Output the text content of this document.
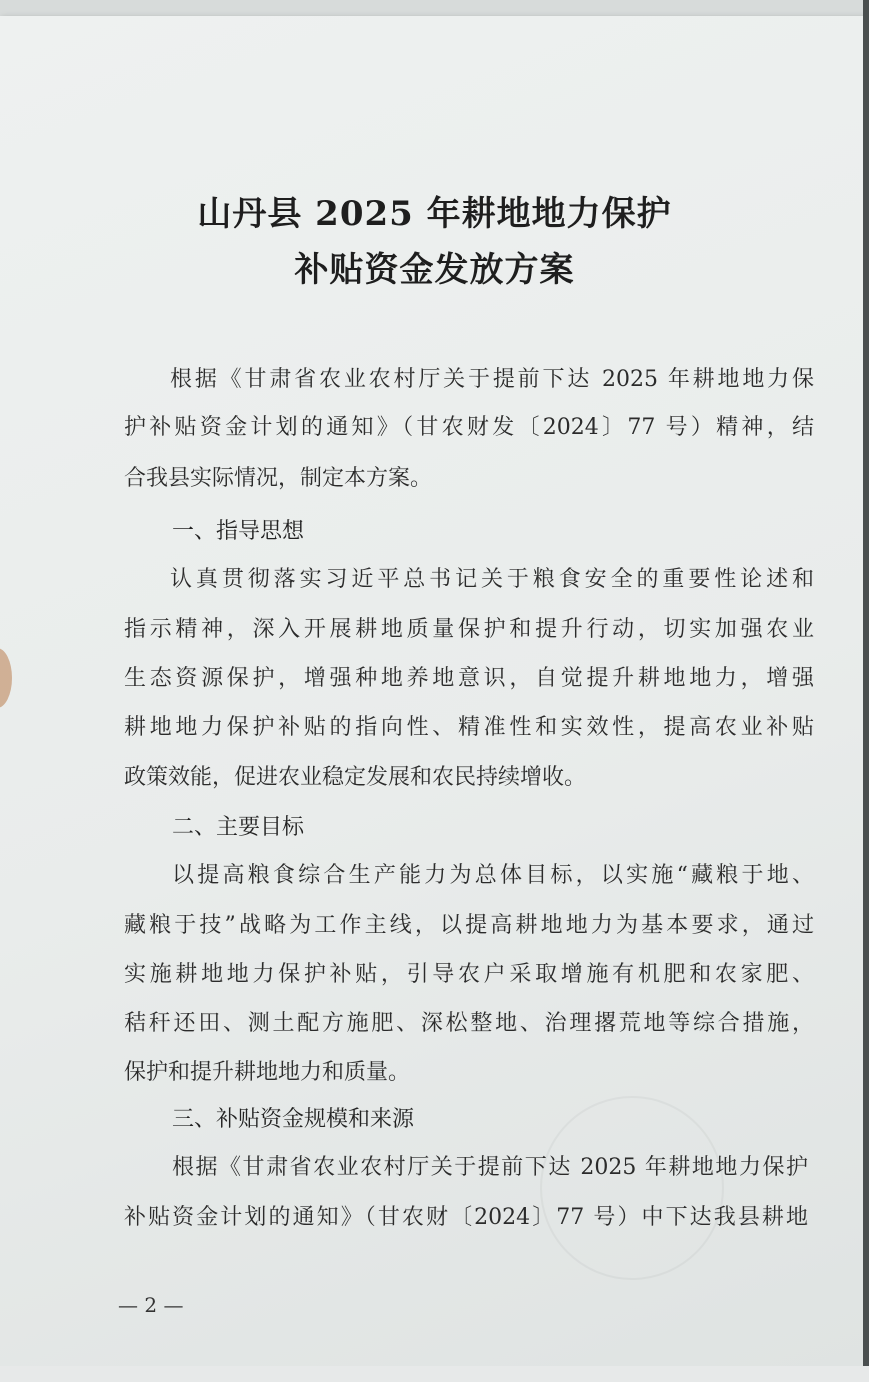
山丹县 2025 年耕地地力保护
补贴资金发放方案

根据《甘肃省农业农村厅关于提前下达 2025 年耕地地力保

护补贴资金计划的通知》（甘农财发〔2024〕77 号）精神，结

合我县实际情况，制定本方案。

一、指导思想

认真贯彻落实习近平总书记关于粮食安全的重要性论述和

指示精神，深入开展耕地质量保护和提升行动，切实加强农业

生态资源保护，增强种地养地意识，自觉提升耕地地力，增强

耕地地力保护补贴的指向性、精准性和实效性，提高农业补贴

政策效能，促进农业稳定发展和农民持续增收。

二、主要目标

以提高粮食综合生产能力为总体目标，以实施“藏粮于地、

藏粮于技”战略为工作主线，以提高耕地地力为基本要求，通过

实施耕地地力保护补贴，引导农户采取增施有机肥和农家肥、

秸秆还田、测土配方施肥、深松整地、治理撂荒地等综合措施，

保护和提升耕地地力和质量。

三、补贴资金规模和来源

根据《甘肃省农业农村厅关于提前下达 2025 年耕地地力保护

补贴资金计划的通知》（甘农财〔2024〕77 号）中下达我县耕地

— 2 —
